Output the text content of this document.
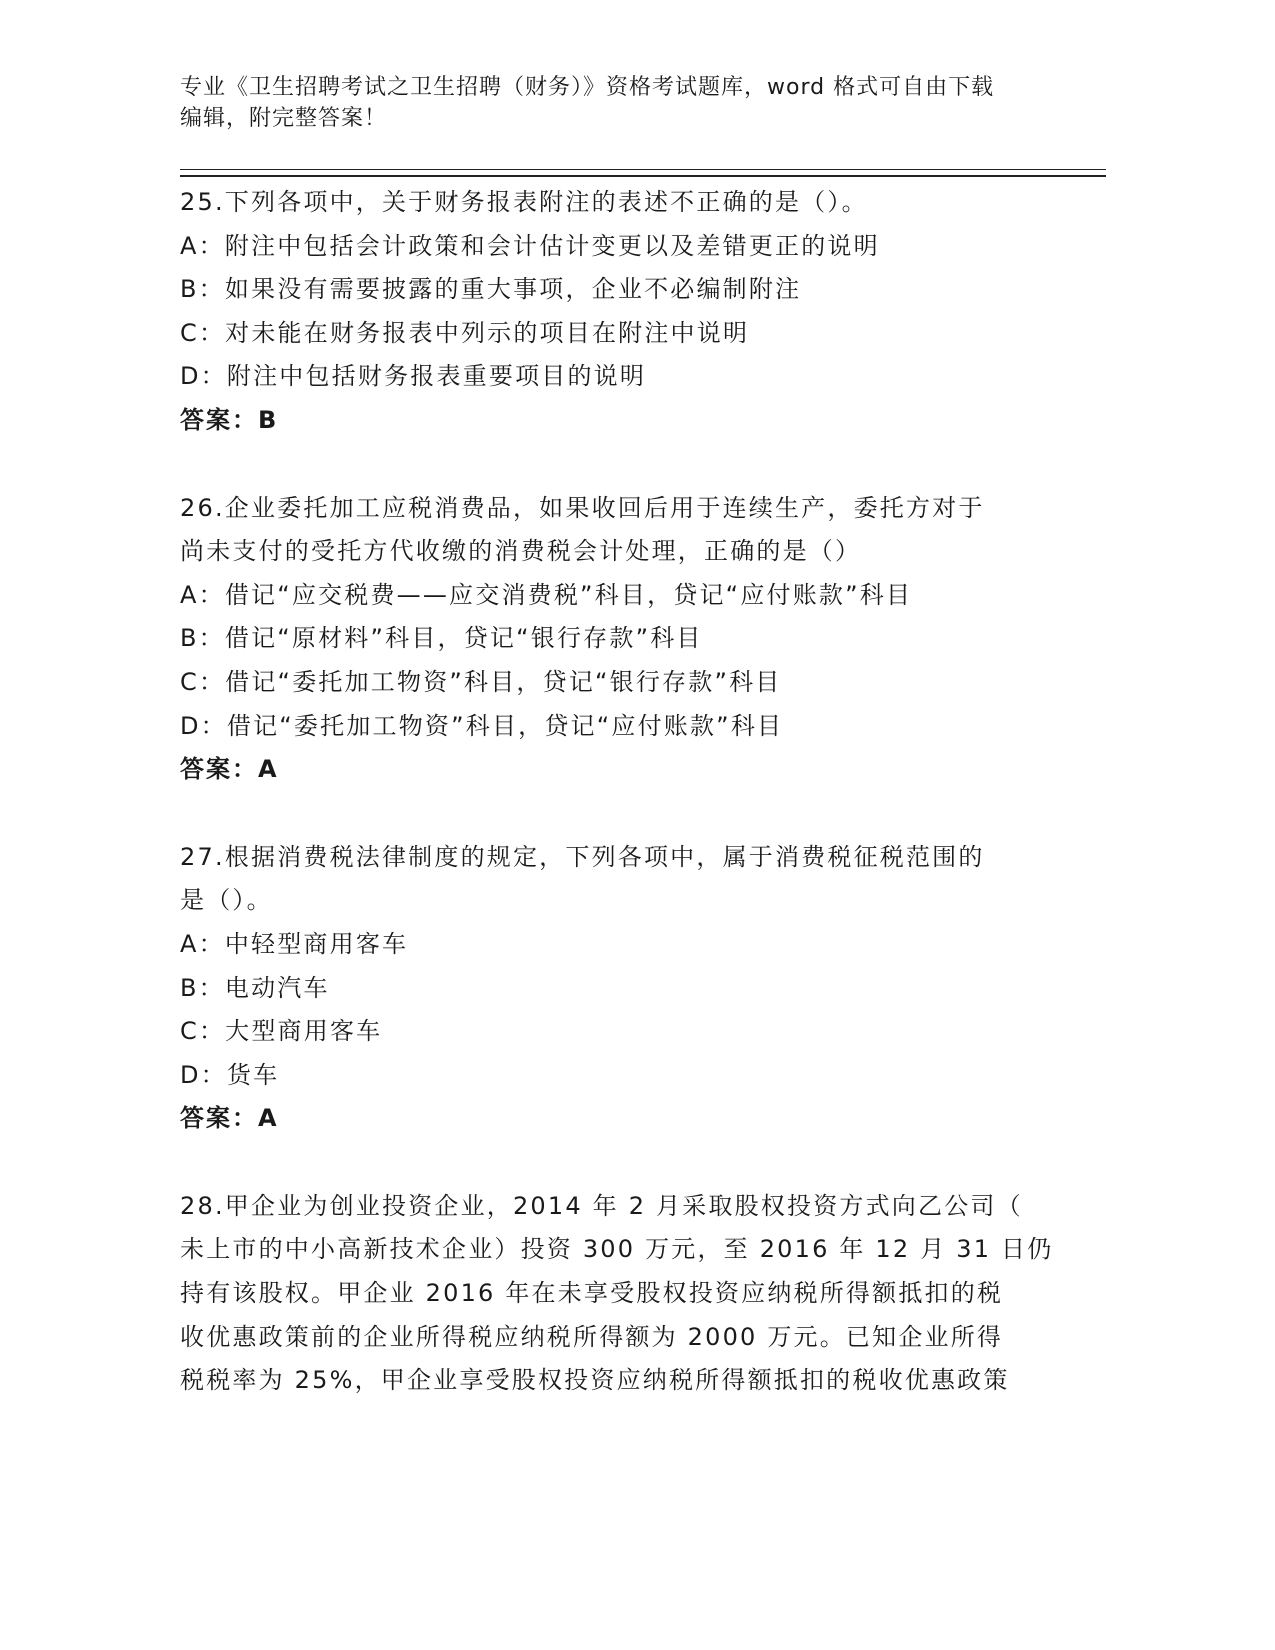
专业《卫生招聘考试之卫生招聘（财务）》资格考试题库，word 格式可自由下载
编辑，附完整答案！
25.下列各项中，关于财务报表附注的表述不正确的是（）。
A：附注中包括会计政策和会计估计变更以及差错更正的说明
B：如果没有需要披露的重大事项，企业不必编制附注
C：对未能在财务报表中列示的项目在附注中说明
D：附注中包括财务报表重要项目的说明
答案：B
26.企业委托加工应税消费品，如果收回后用于连续生产，委托方对于
尚未支付的受托方代收缴的消费税会计处理，正确的是（）
A：借记“应交税费——应交消费税”科目，贷记“应付账款”科目
B：借记“原材料”科目，贷记“银行存款”科目
C：借记“委托加工物资”科目，贷记“银行存款”科目
D：借记“委托加工物资”科目，贷记“应付账款”科目
答案：A
27.根据消费税法律制度的规定，下列各项中，属于消费税征税范围的
是（）。
A：中轻型商用客车
B：电动汽车
C：大型商用客车
D：货车
答案：A
28.甲企业为创业投资企业，2014 年 2 月采取股权投资方式向乙公司（
未上市的中小高新技术企业）投资 300 万元，至 2016 年 12 月 31 日仍
持有该股权。甲企业 2016 年在未享受股权投资应纳税所得额抵扣的税
收优惠政策前的企业所得税应纳税所得额为 2000 万元。已知企业所得
税税率为 25%，甲企业享受股权投资应纳税所得额抵扣的税收优惠政策
